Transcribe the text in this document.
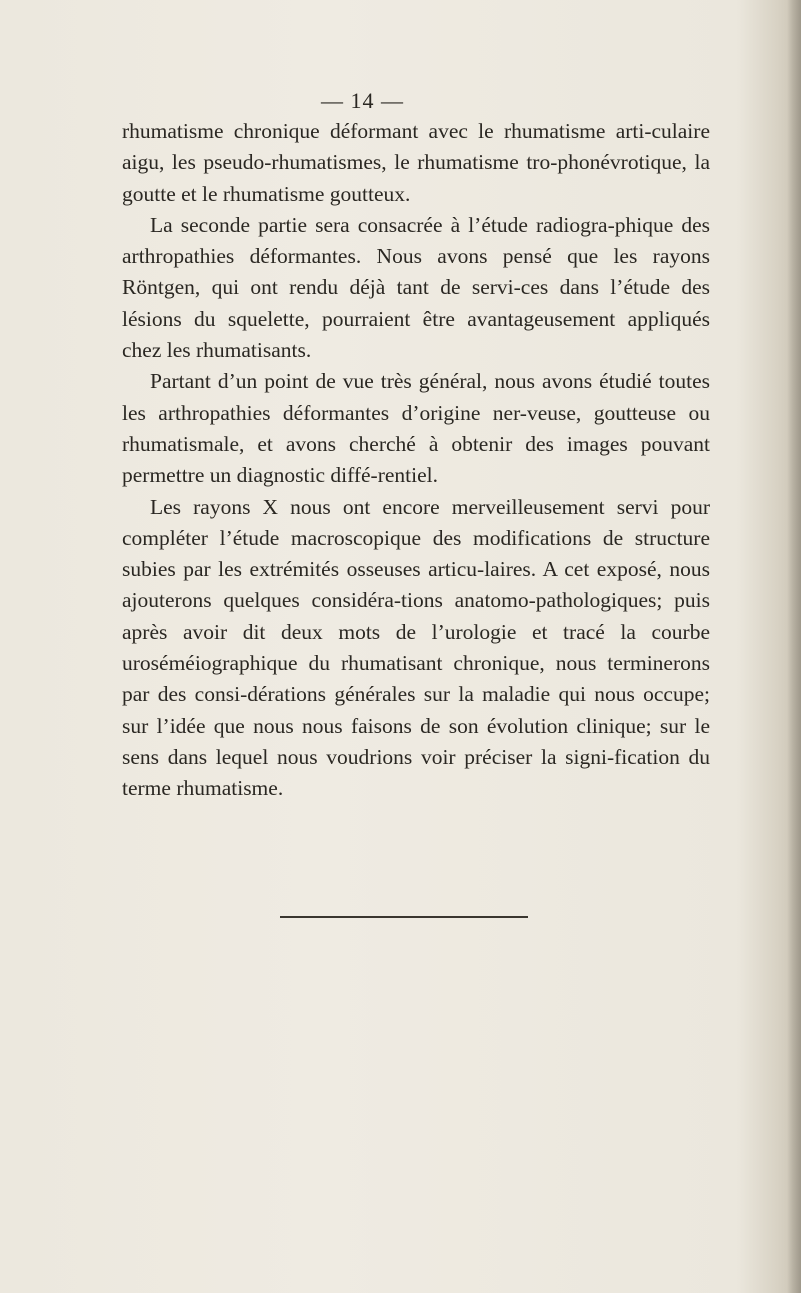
— 14 —

rhumatisme chronique déformant avec le rhumatisme arti-culaire aigu, les pseudo-rhumatismes, le rhumatisme tro-phonévrotique, la goutte et le rhumatisme goutteux.

La seconde partie sera consacrée à l’étude radiogra-phique des arthropathies déformantes. Nous avons pensé que les rayons Röntgen, qui ont rendu déjà tant de servi-ces dans l’étude des lésions du squelette, pourraient être avantageusement appliqués chez les rhumatisants.

Partant d’un point de vue très général, nous avons étudié toutes les arthropathies déformantes d’origine ner-veuse, goutteuse ou rhumatismale, et avons cherché à obtenir des images pouvant permettre un diagnostic diffé-rentiel.

Les rayons X nous ont encore merveilleusement servi pour compléter l’étude macroscopique des modifications de structure subies par les extrémités osseuses articu-laires. A cet exposé, nous ajouterons quelques considéra-tions anatomo-pathologiques; puis après avoir dit deux mots de l’urologie et tracé la courbe uroséméiographique du rhumatisant chronique, nous terminerons par des consi-dérations générales sur la maladie qui nous occupe; sur l’idée que nous nous faisons de son évolution clinique; sur le sens dans lequel nous voudrions voir préciser la signi-fication du terme rhumatisme.
